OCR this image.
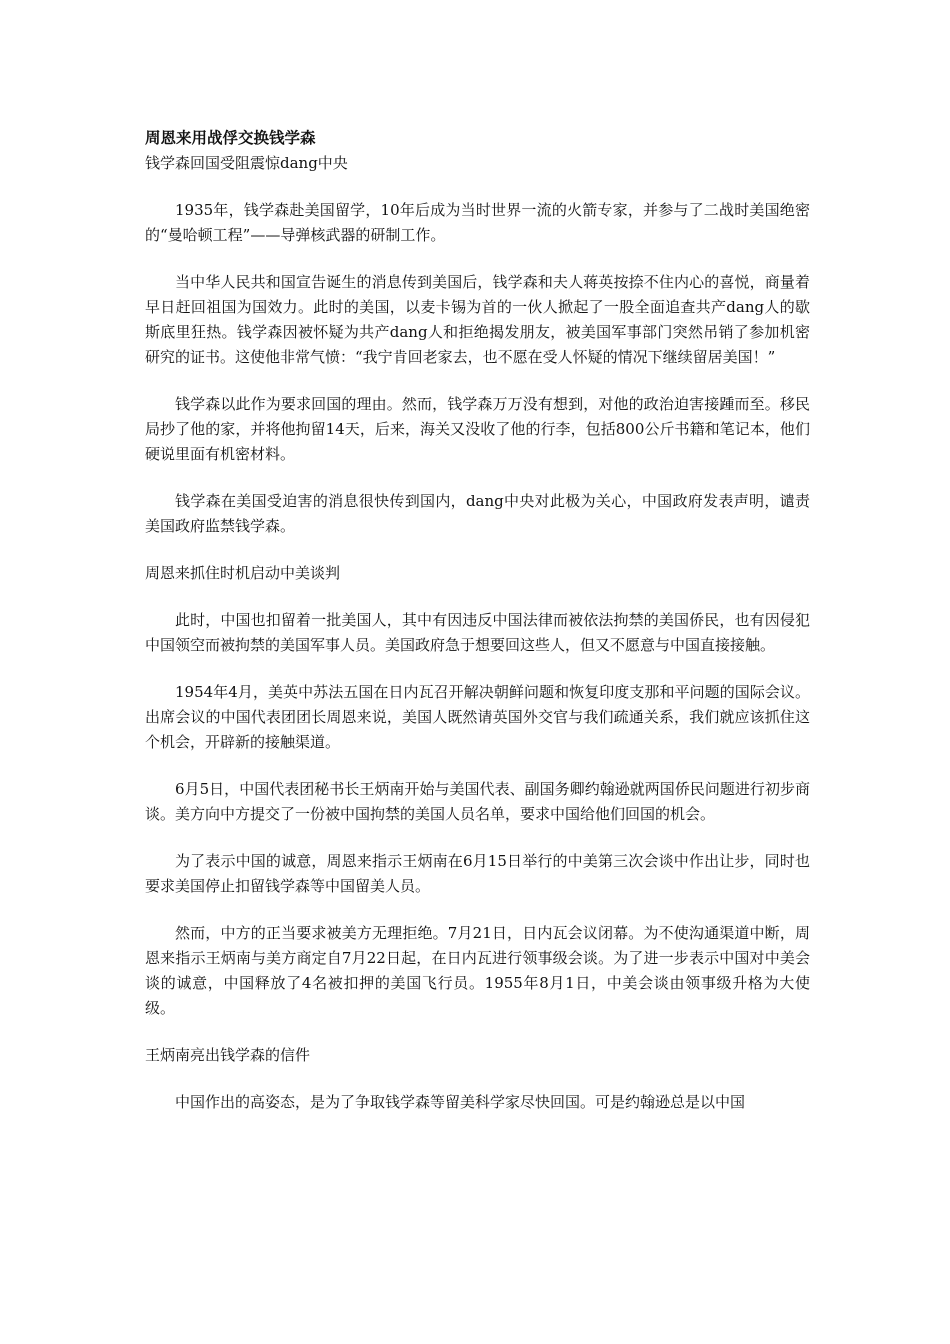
周恩来用战俘交换钱学森
钱学森回国受阻震惊dang中央

1935年，钱学森赴美国留学，10年后成为当时世界一流的火箭专家，并参与了二战时美国绝密的“曼哈顿工程”——导弹核武器的研制工作。

当中华人民共和国宣告诞生的消息传到美国后，钱学森和夫人蒋英按捺不住内心的喜悦，商量着早日赶回祖国为国效力。此时的美国，以麦卡锡为首的一伙人掀起了一股全面追查共产dang人的歇斯底里狂热。钱学森因被怀疑为共产dang人和拒绝揭发朋友，被美国军事部门突然吊销了参加机密研究的证书。这使他非常气愤：“我宁肯回老家去，也不愿在受人怀疑的情况下继续留居美国！”

钱学森以此作为要求回国的理由。然而，钱学森万万没有想到，对他的政治迫害接踵而至。移民局抄了他的家，并将他拘留14天，后来，海关又没收了他的行李，包括800公斤书籍和笔记本，他们硬说里面有机密材料。

钱学森在美国受迫害的消息很快传到国内，dang中央对此极为关心，中国政府发表声明，谴责美国政府监禁钱学森。

周恩来抓住时机启动中美谈判

此时，中国也扣留着一批美国人，其中有因违反中国法律而被依法拘禁的美国侨民，也有因侵犯中国领空而被拘禁的美国军事人员。美国政府急于想要回这些人，但又不愿意与中国直接接触。

1954年4月，美英中苏法五国在日内瓦召开解决朝鲜问题和恢复印度支那和平问题的国际会议。出席会议的中国代表团团长周恩来说，美国人既然请英国外交官与我们疏通关系，我们就应该抓住这个机会，开辟新的接触渠道。

6月5日，中国代表团秘书长王炳南开始与美国代表、副国务卿约翰逊就两国侨民问题进行初步商谈。美方向中方提交了一份被中国拘禁的美国人员名单，要求中国给他们回国的机会。

为了表示中国的诚意，周恩来指示王炳南在6月15日举行的中美第三次会谈中作出让步，同时也要求美国停止扣留钱学森等中国留美人员。

然而，中方的正当要求被美方无理拒绝。7月21日，日内瓦会议闭幕。为不使沟通渠道中断，周恩来指示王炳南与美方商定自7月22日起，在日内瓦进行领事级会谈。为了进一步表示中国对中美会谈的诚意，中国释放了4名被扣押的美国飞行员。1955年8月1日，中美会谈由领事级升格为大使级。

王炳南亮出钱学森的信件

中国作出的高姿态，是为了争取钱学森等留美科学家尽快回国。可是约翰逊总是以中国
